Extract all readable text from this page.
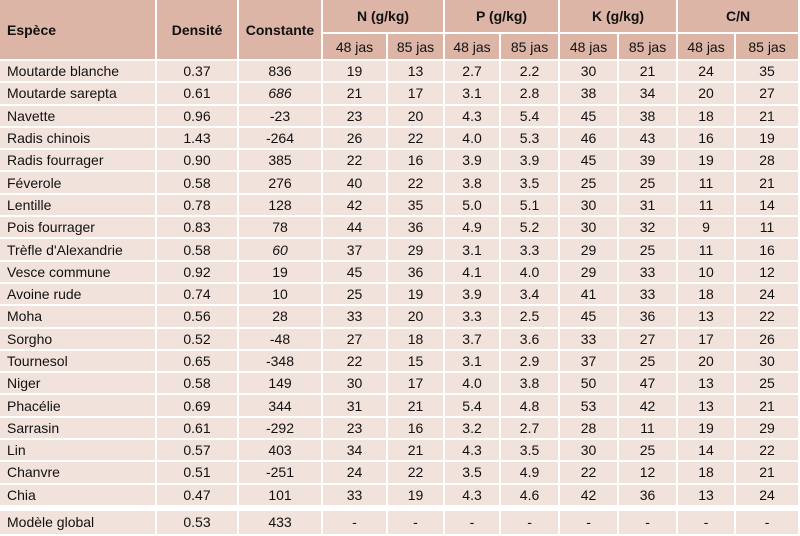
Espèce	Densité	Constante	N (g/kg)		P (g/kg)		K (g/kg)		C/N	
			48 jas	85 jas	48 jas	85 jas	48 jas	85 jas	48 jas	85 jas
Moutarde blanche	0.37	836	19	13	2.7	2.2	30	21	24	35
Moutarde sarepta	0.61	686	21	17	3.1	2.8	38	34	20	27
Navette	0.96	-23	23	20	4.3	5.4	45	38	18	21
Radis chinois	1.43	-264	26	22	4.0	5.3	46	43	16	19
Radis fourrager	0.90	385	22	16	3.9	3.9	45	39	19	28
Féverole	0.58	276	40	22	3.8	3.5	25	25	11	21
Lentille	0.78	128	42	35	5.0	5.1	30	31	11	14
Pois fourrager	0.83	78	44	36	4.9	5.2	30	32	9	11
Trèfle d'Alexandrie	0.58	60	37	29	3.1	3.3	29	25	11	16
Vesce commune	0.92	19	45	36	4.1	4.0	29	33	10	12
Avoine rude	0.74	10	25	19	3.9	3.4	41	33	18	24
Moha	0.56	28	33	20	3.3	2.5	45	36	13	22
Sorgho	0.52	-48	27	18	3.7	3.6	33	27	17	26
Tournesol	0.65	-348	22	15	3.1	2.9	37	25	20	30
Niger	0.58	149	30	17	4.0	3.8	50	47	13	25
Phacélie	0.69	344	31	21	5.4	4.8	53	42	13	21
Sarrasin	0.61	-292	23	16	3.2	2.7	28	11	19	29
Lin	0.57	403	34	21	4.3	3.5	30	25	14	22
Chanvre	0.51	-251	24	22	3.5	4.9	22	12	18	21
Chia	0.47	101	33	19	4.3	4.6	42	36	13	24

Modèle global	0.53	433	-	-	-	-	-	-	-	-
